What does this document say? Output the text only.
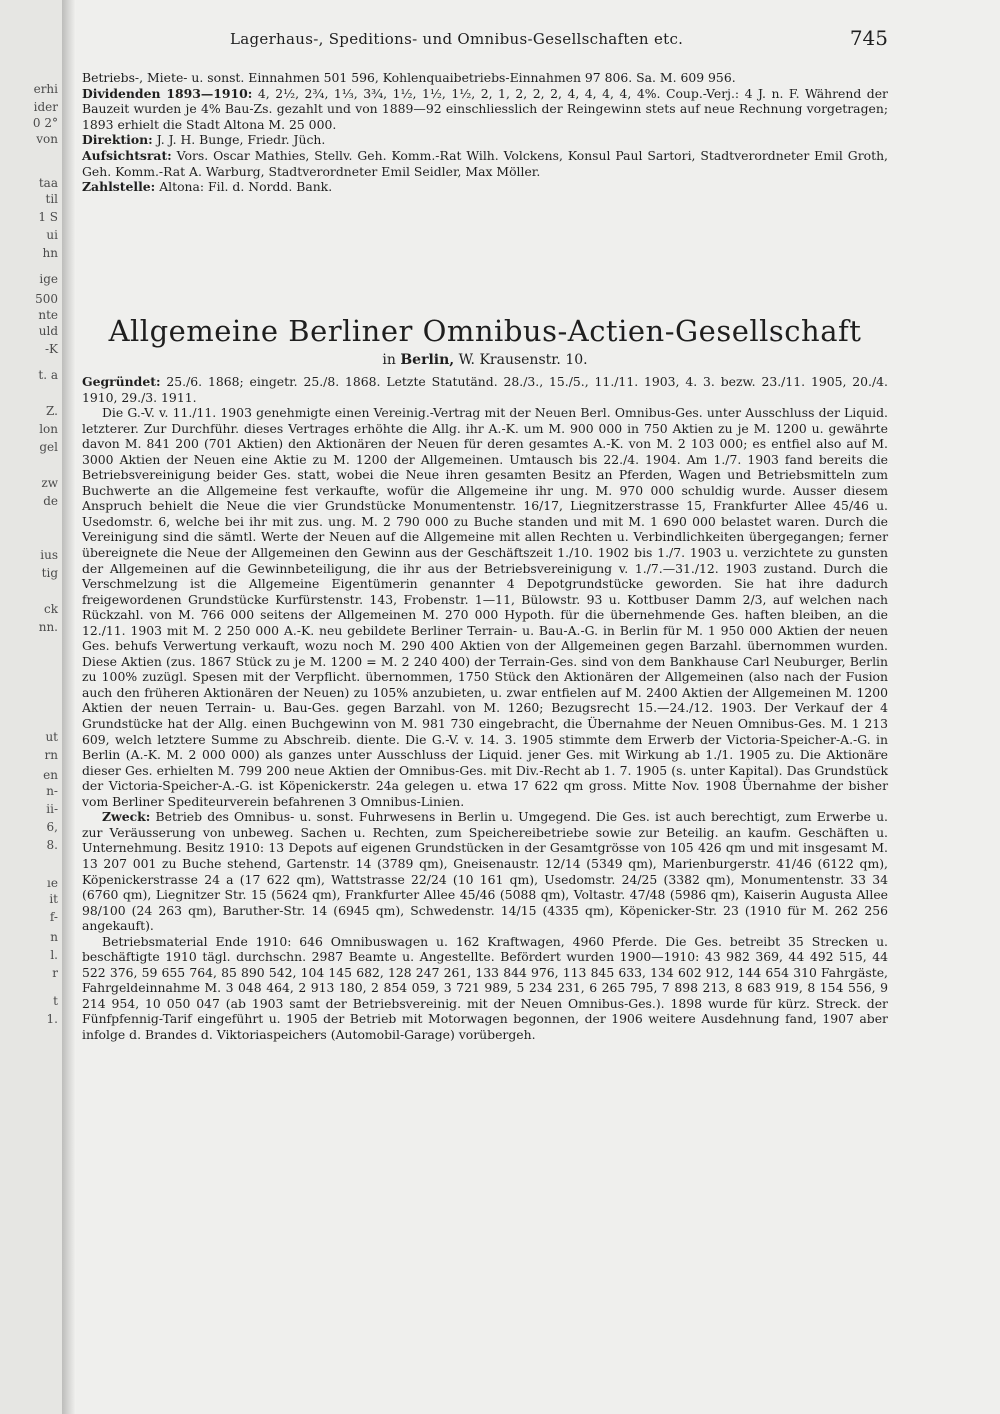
erhi
ider
0 2°
von
taa
til
1 S
ui
hn
ige
500
nte
uld
-K
t. a
Z.
lon
gel
zw
de
ius
tig
ck
nn.
ut
rn
en
n-
ii-
6,
8.
ıe
it
f-
n
l.
r
t
1.
Lagerhaus-, Speditions- und Omnibus-Gesellschaften etc.	745

Betriebs-, Miete- u. sonst. Einnahmen 501 596, Kohlenquaibetriebs-Einnahmen 97 806. Sa. M. 609 956.

Dividenden 1893—1910: 4, 2½, 2¾, 1⅓, 3¾, 1½, 1½, 1½, 2, 1, 2, 2, 2, 4, 4, 4, 4, 4%. Coup.-Verj.: 4 J. n. F. Während der Bauzeit wurden je 4% Bau-Zs. gezahlt und von 1889—92 einschliesslich der Reingewinn stets auf neue Rechnung vorgetragen; 1893 erhielt die Stadt Altona M. 25 000.

Direktion: J. J. H. Bunge, Friedr. Jüch.

Aufsichtsrat: Vors. Oscar Mathies, Stellv. Geh. Komm.-Rat Wilh. Volckens, Konsul Paul Sartori, Stadtverordneter Emil Groth, Geh. Komm.-Rat A. Warburg, Stadtverordneter Emil Seidler, Max Möller.

Zahlstelle: Altona: Fil. d. Nordd. Bank.

Allgemeine Berliner Omnibus-Actien-Gesellschaft
in Berlin, W. Krausenstr. 10.

Gegründet: 25./6. 1868; eingetr. 25./8. 1868. Letzte Statutänd. 28./3., 15./5., 11./11. 1903, 4. 3. bezw. 23./11. 1905, 20./4. 1910, 29./3. 1911.

Die G.-V. v. 11./11. 1903 genehmigte einen Vereinig.-Vertrag mit der Neuen Berl. Omnibus-Ges. unter Ausschluss der Liquid. letzterer. Zur Durchführ. dieses Vertrages erhöhte die Allg. ihr A.-K. um M. 900 000 in 750 Aktien zu je M. 1200 u. gewährte davon M. 841 200 (701 Aktien) den Aktionären der Neuen für deren gesamtes A.-K. von M. 2 103 000; es entfiel also auf M. 3000 Aktien der Neuen eine Aktie zu M. 1200 der Allgemeinen. Umtausch bis 22./4. 1904. Am 1./7. 1903 fand bereits die Betriebsvereinigung beider Ges. statt, wobei die Neue ihren gesamten Besitz an Pferden, Wagen und Betriebsmitteln zum Buchwerte an die Allgemeine fest verkaufte, wofür die Allgemeine ihr ung. M. 970 000 schuldig wurde. Ausser diesem Anspruch behielt die Neue die vier Grundstücke Monumentenstr. 16/17, Liegnitzerstrasse 15, Frankfurter Allee 45/46 u. Usedomstr. 6, welche bei ihr mit zus. ung. M. 2 790 000 zu Buche standen und mit M. 1 690 000 belastet waren. Durch die Vereinigung sind die sämtl. Werte der Neuen auf die Allgemeine mit allen Rechten u. Verbindlichkeiten übergegangen; ferner übereignete die Neue der Allgemeinen den Gewinn aus der Geschäftszeit 1./10. 1902 bis 1./7. 1903 u. verzichtete zu gunsten der Allgemeinen auf die Gewinnbeteiligung, die ihr aus der Betriebsvereinigung v. 1./7.—31./12. 1903 zustand. Durch die Verschmelzung ist die Allgemeine Eigentümerin genannter 4 Depotgrundstücke geworden. Sie hat ihre dadurch freigewordenen Grundstücke Kurfürstenstr. 143, Frobenstr. 1—11, Bülowstr. 93 u. Kottbuser Damm 2/3, auf welchen nach Rückzahl. von M. 766 000 seitens der Allgemeinen M. 270 000 Hypoth. für die übernehmende Ges. haften bleiben, an die 12./11. 1903 mit M. 2 250 000 A.-K. neu gebildete Berliner Terrain- u. Bau-A.-G. in Berlin für M. 1 950 000 Aktien der neuen Ges. behufs Verwertung verkauft, wozu noch M. 290 400 Aktien von der Allgemeinen gegen Barzahl. übernommen wurden. Diese Aktien (zus. 1867 Stück zu je M. 1200 = M. 2 240 400) der Terrain-Ges. sind von dem Bankhause Carl Neuburger, Berlin zu 100% zuzügl. Spesen mit der Verpflicht. übernommen, 1750 Stück den Aktionären der Allgemeinen (also nach der Fusion auch den früheren Aktionären der Neuen) zu 105% anzubieten, u. zwar entfielen auf M. 2400 Aktien der Allgemeinen M. 1200 Aktien der neuen Terrain- u. Bau-Ges. gegen Barzahl. von M. 1260; Bezugsrecht 15.—24./12. 1903. Der Verkauf der 4 Grundstücke hat der Allg. einen Buchgewinn von M. 981 730 eingebracht, die Übernahme der Neuen Omnibus-Ges. M. 1 213 609, welch letztere Summe zu Abschreib. diente. Die G.-V. v. 14. 3. 1905 stimmte dem Erwerb der Victoria-Speicher-A.-G. in Berlin (A.-K. M. 2 000 000) als ganzes unter Ausschluss der Liquid. jener Ges. mit Wirkung ab 1./1. 1905 zu. Die Aktionäre dieser Ges. erhielten M. 799 200 neue Aktien der Omnibus-Ges. mit Div.-Recht ab 1. 7. 1905 (s. unter Kapital). Das Grundstück der Victoria-Speicher-A.-G. ist Köpenickerstr. 24a gelegen u. etwa 17 622 qm gross. Mitte Nov. 1908 Übernahme der bisher vom Berliner Spediteurverein befahrenen 3 Omnibus-Linien.

Zweck: Betrieb des Omnibus- u. sonst. Fuhrwesens in Berlin u. Umgegend. Die Ges. ist auch berechtigt, zum Erwerbe u. zur Veräusserung von unbeweg. Sachen u. Rechten, zum Speichereibetriebe sowie zur Beteilig. an kaufm. Geschäften u. Unternehmung. Besitz 1910: 13 Depots auf eigenen Grundstücken in der Gesamtgrösse von 105 426 qm und mit insgesamt M. 13 207 001 zu Buche stehend, Gartenstr. 14 (3789 qm), Gneisenaustr. 12/14 (5349 qm), Marienburgerstr. 41/46 (6122 qm), Köpenickerstrasse 24 a (17 622 qm), Wattstrasse 22/24 (10 161 qm), Usedomstr. 24/25 (3382 qm), Monumentenstr. 33 34 (6760 qm), Liegnitzer Str. 15 (5624 qm), Frankfurter Allee 45/46 (5088 qm), Voltastr. 47/48 (5986 qm), Kaiserin Augusta Allee 98/100 (24 263 qm), Baruther-Str. 14 (6945 qm), Schwedenstr. 14/15 (4335 qm), Köpenicker-Str. 23 (1910 für M. 262 256 angekauft).

Betriebsmaterial Ende 1910: 646 Omnibuswagen u. 162 Kraftwagen, 4960 Pferde. Die Ges. betreibt 35 Strecken u. beschäftigte 1910 tägl. durchschn. 2987 Beamte u. Angestellte. Befördert wurden 1900—1910: 43 982 369, 44 492 515, 44 522 376, 59 655 764, 85 890 542, 104 145 682, 128 247 261, 133 844 976, 113 845 633, 134 602 912, 144 654 310 Fahrgäste, Fahrgeldeinnahme M. 3 048 464, 2 913 180, 2 854 059, 3 721 989, 5 234 231, 6 265 795, 7 898 213, 8 683 919, 8 154 556, 9 214 954, 10 050 047 (ab 1903 samt der Betriebsvereinig. mit der Neuen Omnibus-Ges.). 1898 wurde für kürz. Streck. der Fünfpfennig-Tarif eingeführt u. 1905 der Betrieb mit Motorwagen begonnen, der 1906 weitere Ausdehnung fand, 1907 aber infolge d. Brandes d. Viktoriaspeichers (Automobil-Garage) vorübergeh.
